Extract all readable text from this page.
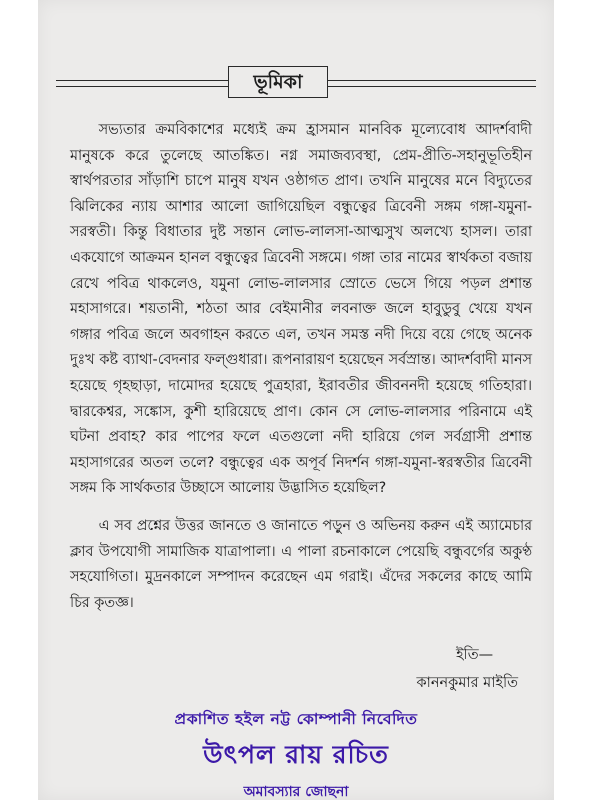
ভূমিকা

সভ্যতার ক্রমবিকাশের মধ্যেই ক্রম হ্রাসমান মানবিক মূল্যেবোধ আদর্শবাদী মানুষকে করে তুলেছে আতঙ্কিত। নগ্ন সমাজব্যবস্থা, প্রেম-প্রীতি-সহানুভূতিহীন স্বার্থপরতার সাঁড়াশি চাপে মানুষ যখন ওষ্ঠাগত প্রাণ। তখনি মানুষের মনে বিদ্যুতের ঝিলিকের ন্যায় আশার আলো জাগিয়েছিল বন্ধুত্বের ত্রিবেনী সঙ্গম গঙ্গা-যমুনা-সরস্বতী। কিন্তু বিধাতার দুষ্ট সন্তান লোভ-লালসা-আত্মসুখ অলখ্যে হাসল। তারা একযোগে আক্রমন হানল বন্ধুত্বের ত্রিবেনী সঙ্গমে। গঙ্গা তার নামের স্বার্থকতা বজায় রেখে পবিত্র থাকলেও, যমুনা লোভ-লালসার স্রোতে ভেসে গিয়ে পড়ল প্রশান্ত মহাসাগরে। শয়তানী, শঠতা আর বেইমানীর লবনাক্ত জলে হাবুডুবু খেয়ে যখন গঙ্গার পবিত্র জলে অবগাহন করতে এল, তখন সমস্ত নদী দিয়ে বয়ে গেছে অনেক দুঃখ কষ্ট ব্যাথা-বেদনার ফল্গুধারা। রূপনারায়ণ হয়েছেন সর্বস্রান্ত। আদর্শবাদী মানস হয়েছে গৃহছাড়া, দামোদর হয়েছে পুত্রহারা, ইরাবতীর জীবননদী হয়েছে গতিহারা। দ্বারকেশ্বর, সঙ্কোস, কুশী হারিয়েছে প্রাণ। কোন সে লোভ-লালসার পরিনামে এই ঘটনা প্রবাহ? কার পাপের ফলে এতগুলো নদী হারিয়ে গেল সর্বগ্রাসী প্রশান্ত মহাসাগরের অতল তলে? বন্ধুত্বের এক অপূর্ব নিদর্শন গঙ্গা-যমুনা-স্বরস্বতীর ত্রিবেনী সঙ্গম কি সার্থকতার উচ্ছাসে আলোয় উদ্ভাসিত হয়েছিল?

এ সব প্রশ্নের উত্তর জানতে ও জানাতে পড়ুন ও অভিনয় করুন এই অ্যামেচার ক্লাব উপযোগী সামাজিক যাত্রাপালা। এ পালা রচনাকালে পেয়েছি বন্ধুবর্গের অকুণ্ঠ সহযোগিতা। মুদ্রনকালে সম্পাদন করেছেন এম গরাই। এঁদের সকলের কাছে আমি চির কৃতজ্ঞ।

ইতি—
কাননকুমার মাইতি
প্রকাশিত হইল নট্ট কোম্পানী নিবেদিত
উৎপল রায় রচিত
অমাবস্যার জোছনা
